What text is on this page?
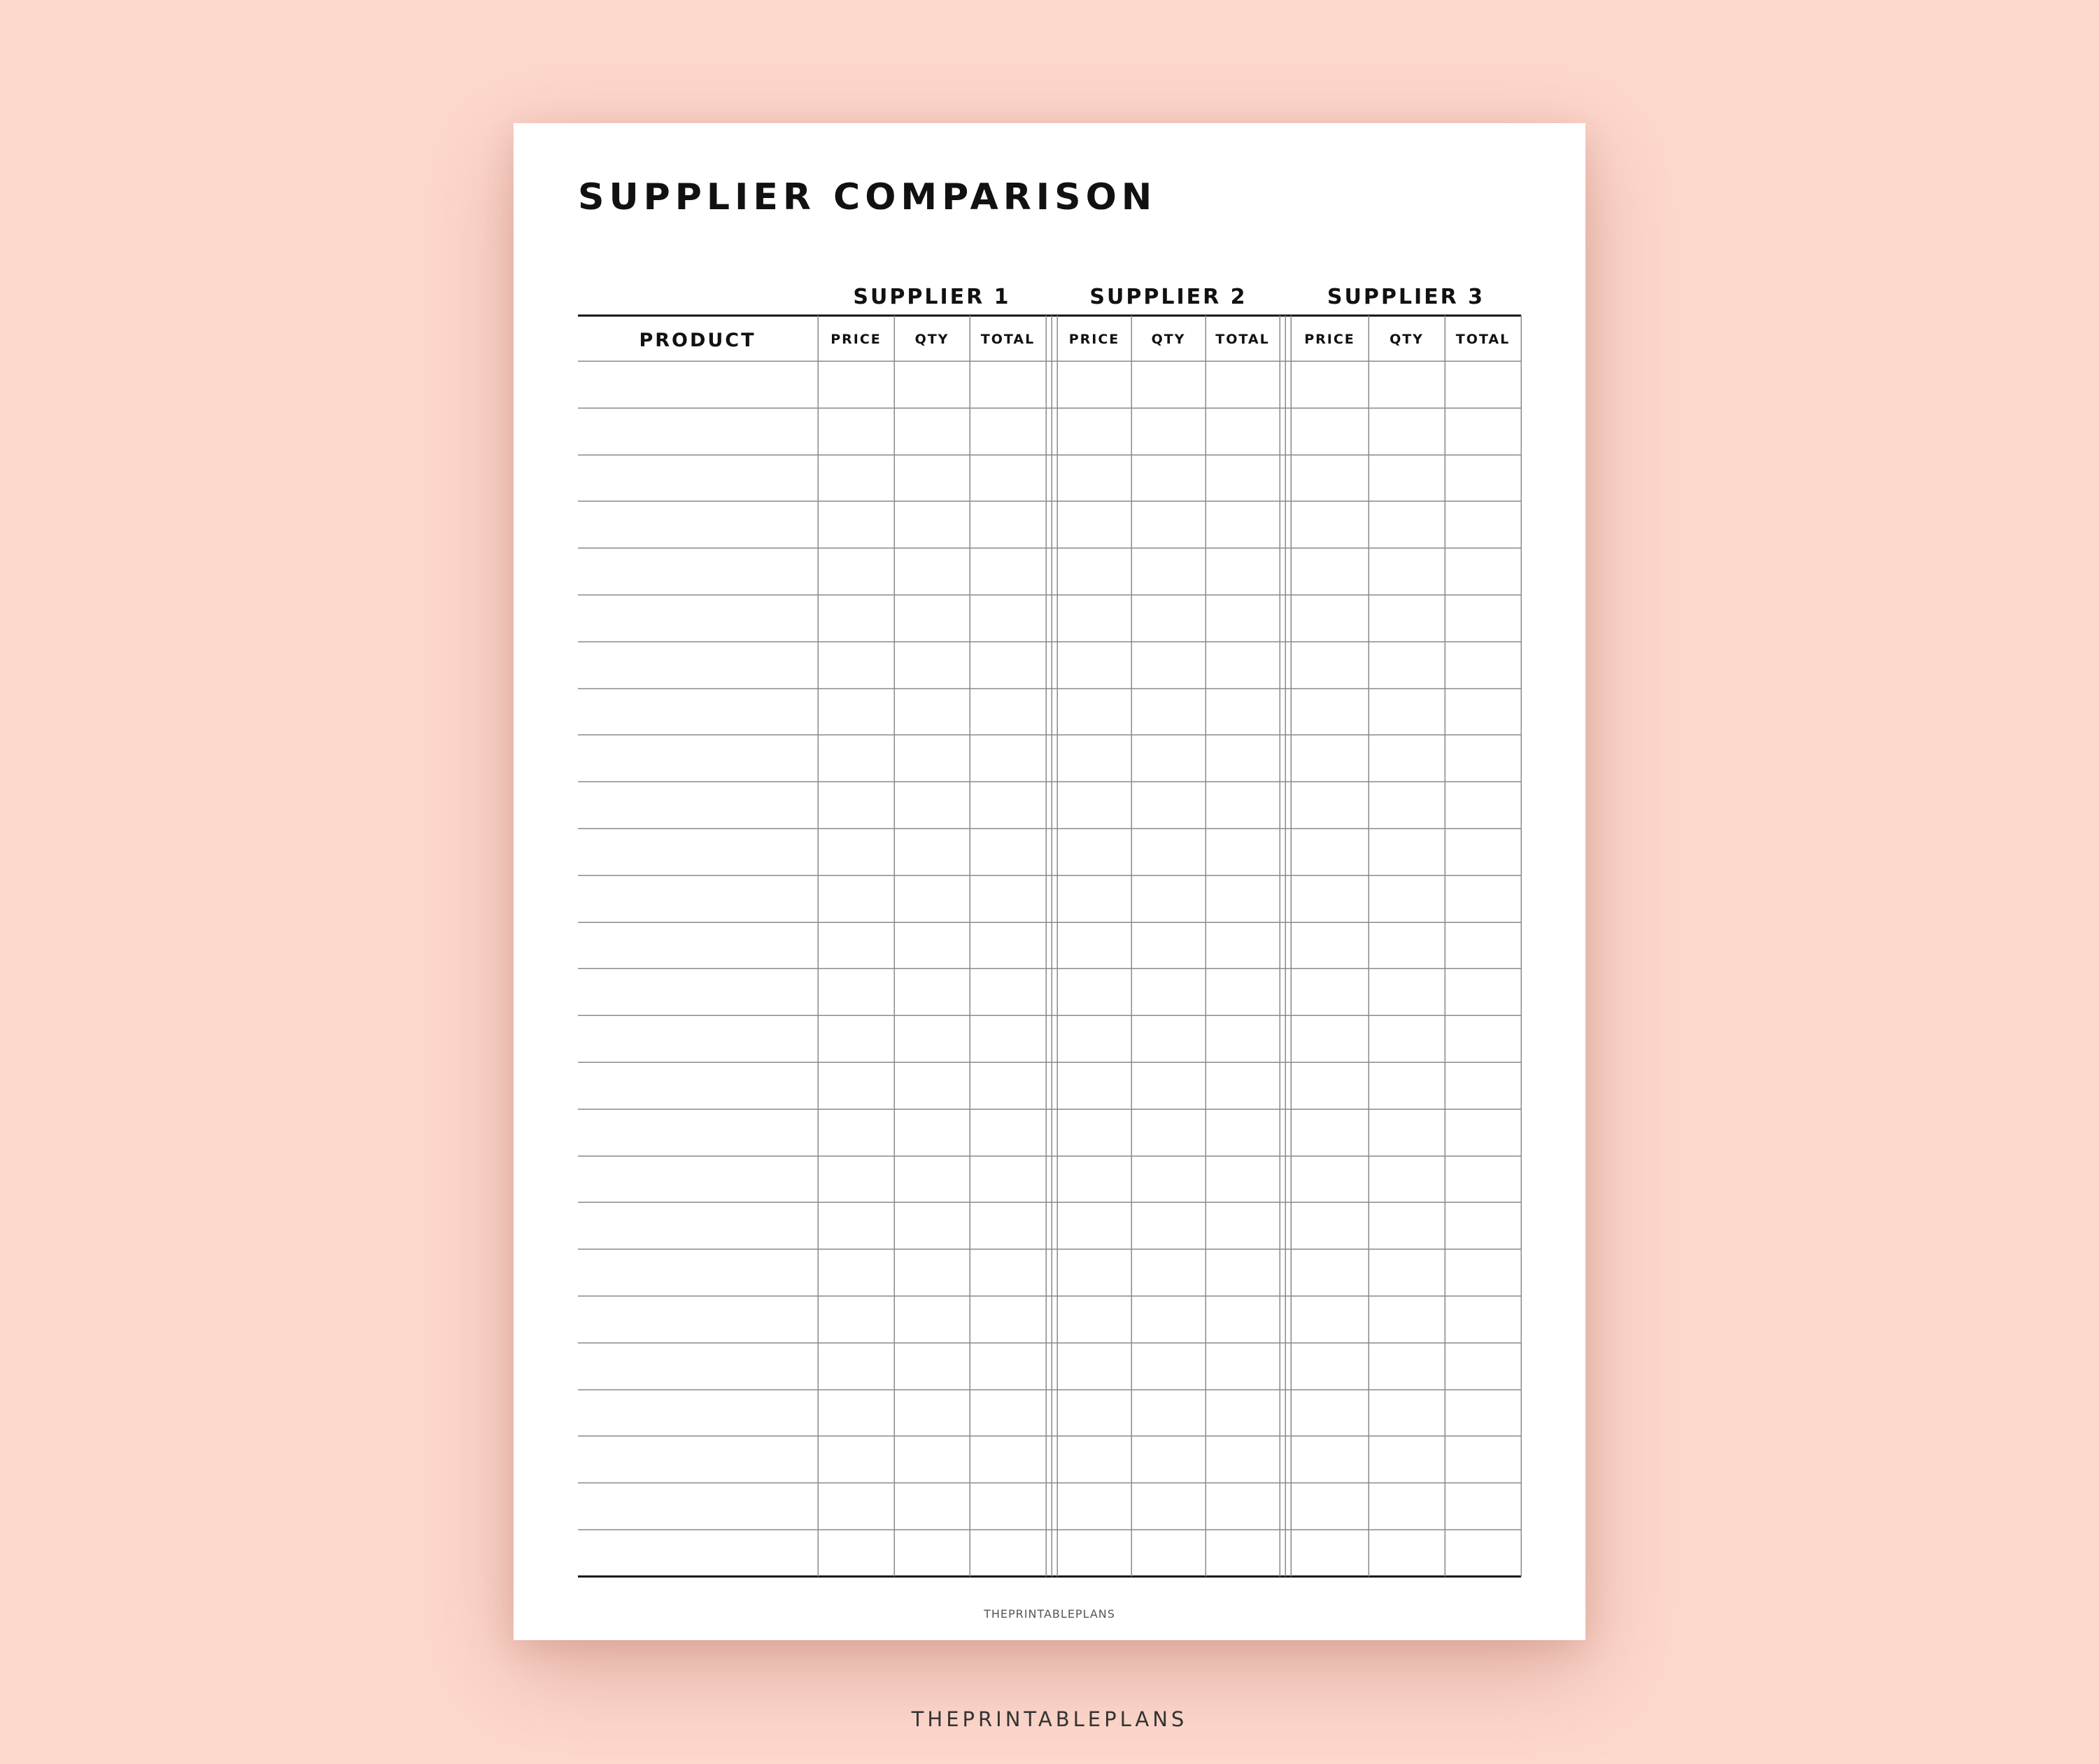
SUPPLIER COMPARISON
PRODUCT
SUPPLIER 1
PRICE	QTY TOTAL
SUPPLIER 2
PRICE QTY TOTAL
SUPPLIER 3
PRICE	QTY TOTAL
THEPRINTABLEPLANS
THEPRINTABLEPLANS
